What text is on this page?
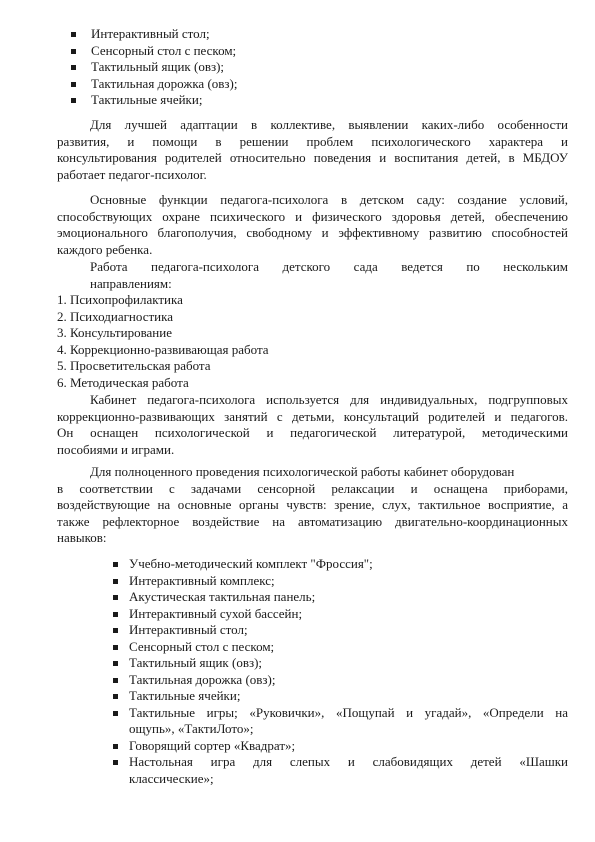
Интерактивный стол;
Сенсорный стол с песком;
Тактильный ящик (овз);
Тактильная дорожка (овз);
Тактильные ячейки;
Для лучшей адаптации в коллективе, выявлении каких-либо особенности
развития, и помощи в решении проблем психологического характера и
консультирования родителей относительно поведения и воспитания детей, в МБДОУ
работает педагог-психолог.
Основные функции педагога-психолога в детском саду: создание условий,
способствующих охране психического и физического здоровья детей, обеспечению
эмоционального благополучия, свободному и эффективному развитию способностей
каждого ребенка.
Работа педагога-психолога детского сада ведется по нескольким
направлениям:
1. Психопрофилактика
2. Психодиагностика
3. Консультирование
4. Коррекционно-развивающая работа
5. Просветительская работа
6. Методическая работа
Кабинет педагога-психолога используется для индивидуальных, подгрупповых
коррекционно-развивающих занятий с детьми, консультаций родителей и педагогов.
Он оснащен психологической и педагогической литературой, методическими
пособиями и играми.
Для полноценного проведения психологической работы кабинет оборудован
в соответствии с задачами сенсорной релаксации и оснащена приборами,
воздействующие на основные органы чувств: зрение, слух, тактильное восприятие, а
также рефлекторное воздействие на автоматизацию двигательно-координационных
навыков:
Учебно-методический комплект "Фроссия";
Интерактивный комплекс;
Акустическая тактильная панель;
Интерактивный сухой бассейн;
Интерактивный стол;
Сенсорный стол с песком;
Тактильный ящик (овз);
Тактильная дорожка (овз);
Тактильные ячейки;
Тактильные игры; «Руковички», «Пощупай и угадай», «Определи на
ощупь», «ТактиЛото»;
Говорящий сортер «Квадрат»;
Настольная игра для слепых и слабовидящих детей «Шашки
классические»;
